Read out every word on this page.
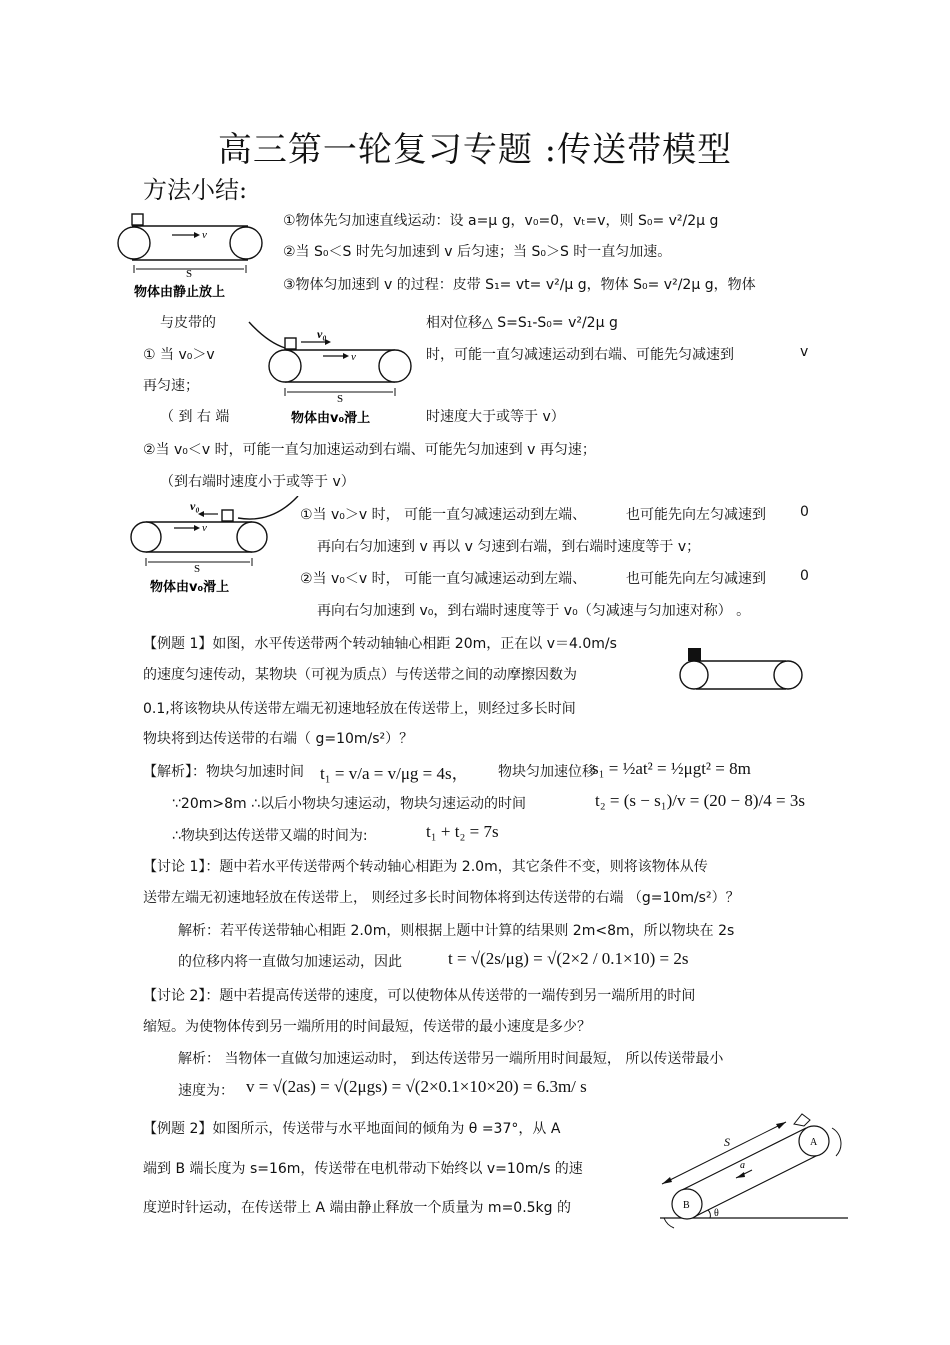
高三第一轮复习专题 :传送带模型
方法小结:
v
S
物体由静止放上
①物体先匀加速直线运动：设 a=μ g，v₀=0，vₜ=v，则 S₀= v²/2μ g
②当 S₀＜S 时先匀加速到 v 后匀速；当 S₀＞S 时一直匀加速。
③物体匀加速到 v 的过程：皮带 S₁= vt= v²/μ g，物体 S₀= v²/2μ g，物体
与皮带的	相对位移△ S=S₁-S₀= v²/2μ g
v₀
v
S
物体由v₀滑上
① 当 v₀＞v	时，可能一直匀减速运动到右端、可能先匀减速到	v
再匀速；
（ 到 右 端	时速度大于或等于 v）
②当 v₀＜v 时，可能一直匀加速运动到右端、可能先匀加速到 v 再匀速；
（到右端时速度小于或等于 v）
v₀
v
S
物体由v₀滑上
①当 v₀＞v 时， 可能一直匀减速运动到左端、	也可能先向左匀减速到 0
再向右匀加速到 v 再以 v 匀速到右端，到右端时速度等于 v；
②当 v₀＜v 时， 可能一直匀减速运动到左端、	也可能先向左匀减速到 0
再向右匀加速到 v₀，到右端时速度等于 v₀（匀减速与匀加速对称） 。
【例题 1】如图，水平传送带两个转动轴轴心相距 20m，正在以 v＝4.0m/s
的速度匀速传动，某物块（可视为质点）与传送带之间的动摩擦因数为
0.1,将该物块从传送带左端无初速地轻放在传送带上，则经过多长时间
物块将到达传送带的右端（ g=10m/s²）？
【解析】：物块匀加速时间 t₁ = v/a = v/μg = 4s， 物块匀加速位移
s₁ = ½at² = ½μgt² = 8m
∵20m>8m ∴以后小物块匀速运动，物块匀速运动的时间	t₂ = (s − s₁)/v = (20 − 8)/4 = 3s
∴物块到达传送带又端的时间为:	t₁ + t₂ = 7s
【讨论 1】：题中若水平传送带两个转动轴心相距为 2.0m，其它条件不变，则将该物体从传
送带左端无初速地轻放在传送带上， 则经过多长时间物体将到达传送带的右端 （g=10m/s²）？
解析：若平传送带轴心相距 2.0m，则根据上题中计算的结果则 2m<8m，所以物块在 2s
的位移内将一直做匀加速运动，因此	t = √(2s/μg) = √(2×2 / 0.1×10) = 2s
【讨论 2】：题中若提高传送带的速度，可以使物体从传送带的一端传到另一端所用的时间
缩短。为使物体传到另一端所用的时间最短，传送带的最小速度是多少？
解析： 当物体一直做匀加速运动时， 到达传送带另一端所用时间最短， 所以传送带最小
速度为： v = √(2as) = √(2μgs) = √(2×0.1×10×20) = 6.3m/ s
【例题 2】如图所示，传送带与水平地面间的倾角为 θ =37°，从 A
端到 B 端长度为 s=16m，传送带在电机带动下始终以 v=10m/s 的速
度逆时针运动，在传送带上 A 端由静止释放一个质量为 m=0.5kg 的	B
A
S
a
θ
